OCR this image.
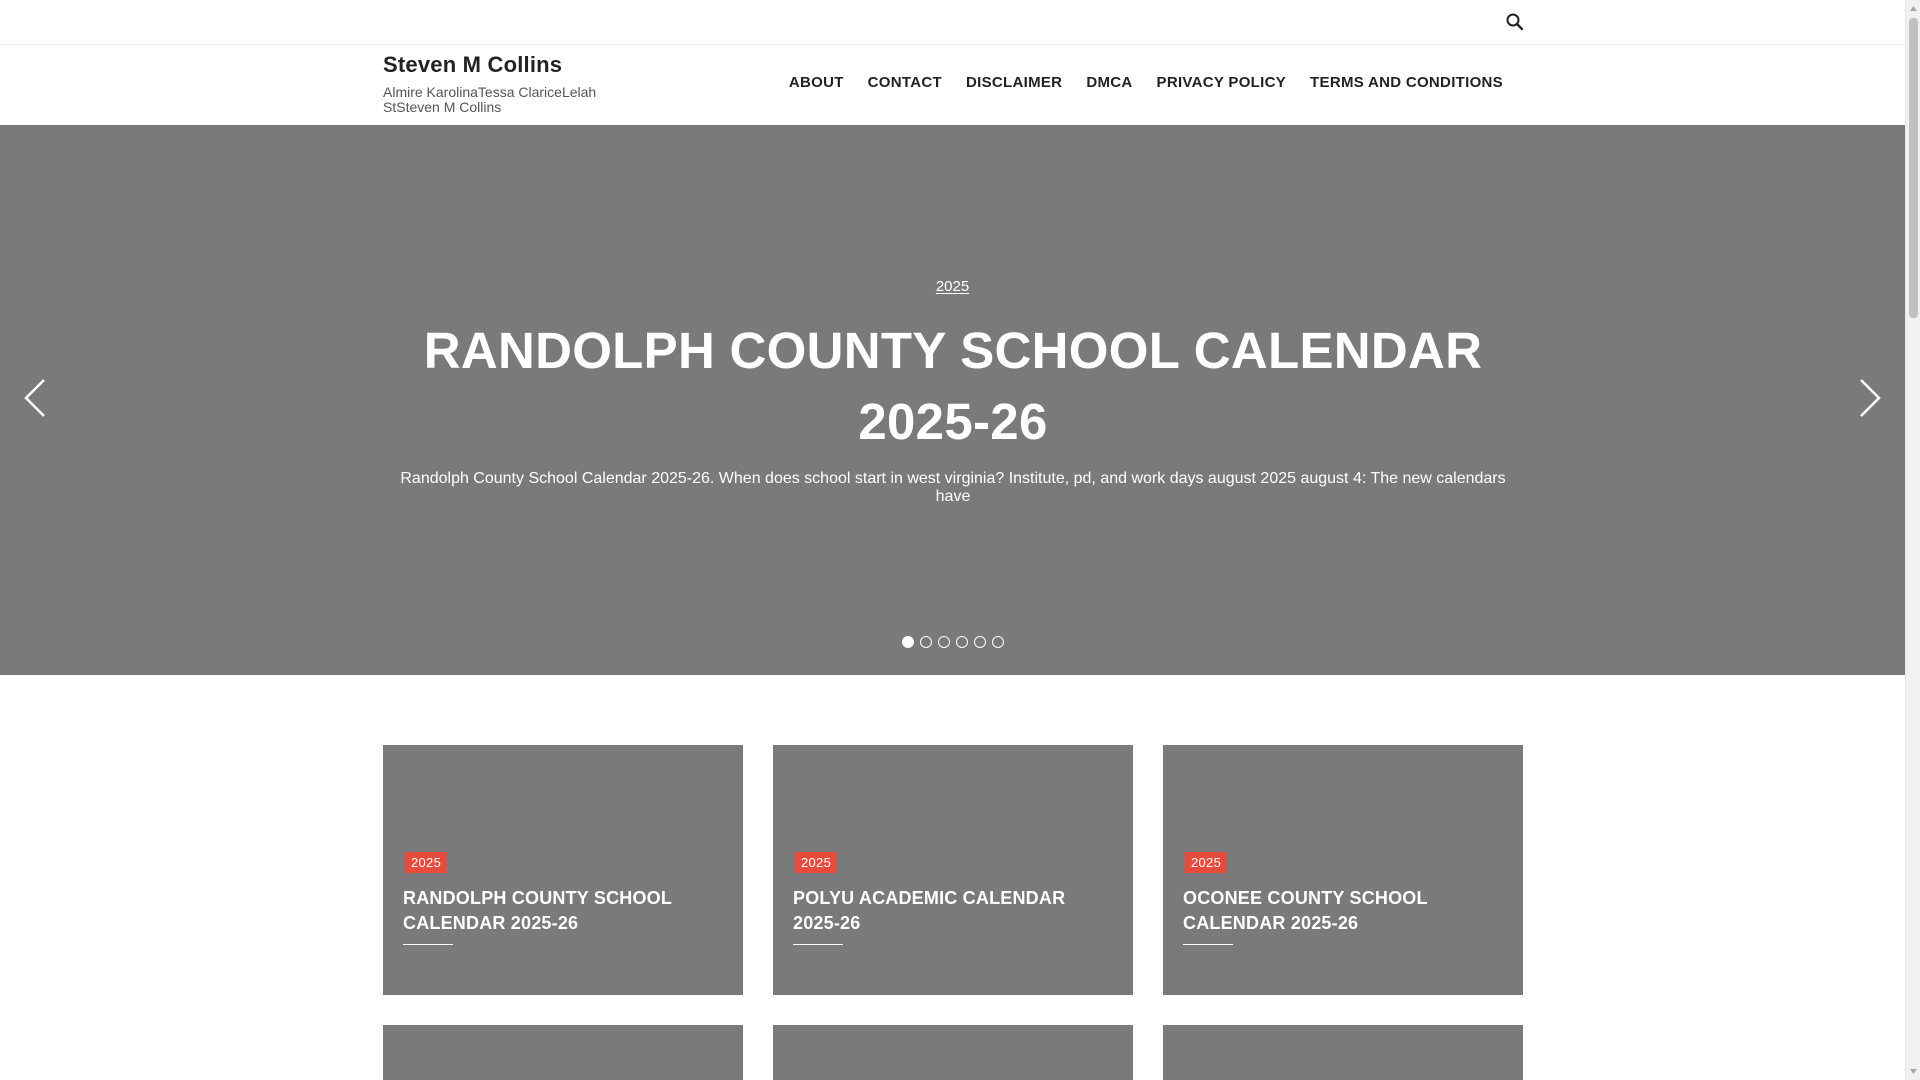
Steven M Collins
Almire KarolinaTessa ClariceLelah StSteven M Collins
ABOUT	CONTACT	DISCLAIMER	DMCA	PRIVACY POLICY	TERMS AND CONDITIONS
2025
RANDOLPH COUNTY SCHOOL CALENDAR 2025-26

Randolph County School Calendar 2025-26. When does school start in west virginia? Institute, pd, and work days august 2025 august 4: The new calendars have

2025
RANDOLPH COUNTY SCHOOL CALENDAR 2025-26
2025
POLYU ACADEMIC CALENDAR 2025-26
2025
OCONEE COUNTY SCHOOL CALENDAR 2025-26
